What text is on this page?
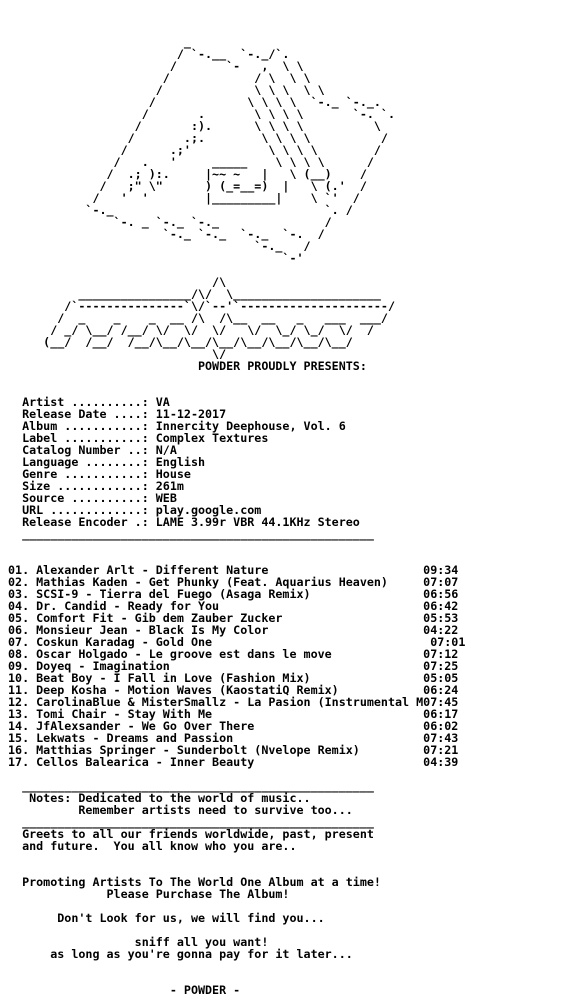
_
/ `-.__  `-._/`.
/       `-   ,  \ \
/            / \  \ \
/             \ \ \  \ \
/             \ \ \ \  `-._ `-._.
/       .       \ \ \ \       `-. `.
/       :).      \ \ \ \          \
/       .;.        \ \ \ \          /
/      .;'           \ \ \ \        /
/   .   '     _____    \ \ \ \      /
/  .; ):.     |~~ ~   |   \ (__)    /
/   ;" \"      ) (_=__=)  |   \ (.'  /
/   '  '        |_________|    \ `'  /
`-._                              `. /
`-. _ `-._ `-._               /
`-._ `-._  `-._  `-.  /
`-._   /
`-'
/\
________________/\/  \_____________________
/`---------------`\/`--'`---------------------/
/  _    _    _  __ /\  /\__  __   _   ___  ___/
/ _/ \__/ /__/ \/  \/  \/   \/  \_/ \_/  \/  /
(__/  /__/  /__/\__/\__/\__/\__/\__/\__/\__/
\/
POWDER PROUDLY PRESENTS:
Artist ..........: VA
Release Date ....: 11-12-2017
Album ...........: Innercity Deephouse, Vol. 6
Label ...........: Complex Textures
Catalog Number ..: N/A
Language ........: English
Genre ...........: House
Size ............: 261m
Source ..........: WEB
URL .............: play.google.com
Release Encoder .: LAME 3.99r VBR 44.1KHz Stereo
__________________________________________________
01. Alexander Arlt - Different Nature                      09:34
02. Mathias Kaden - Get Phunky (Feat. Aquarius Heaven)     07:07
03. SCSI-9 - Tierra del Fuego (Asaga Remix)                06:56
04. Dr. Candid - Ready for You                             06:42
05. Comfort Fit - Gib dem Zauber Zucker                    05:53
06. Monsieur Jean - Black Is My Color                      04:22
07. Coskun Karadag - Gold One                               07:01
08. Oscar Holgado - Le groove est dans le move             07:12
09. Doyeq - Imagination                                    07:25
10. Beat Boy - I Fall in Love (Fashion Mix)                05:05
11. Deep Kosha - Motion Waves (KaostatiQ Remix)            06:24
12. CarolinaBlue & MisterSmallz - La Pasion (Instrumental M07:45
13. Tomi Chair - Stay With Me                              06:17
14. JfAlexsander - We Go Over There                        06:02
15. Lekwats - Dreams and Passion                           07:43
16. Matthias Springer - Sunderbolt (Nvelope Remix)         07:21
17. Cellos Balearica - Inner Beauty                        04:39
__________________________________________________
Notes: Dedicated to the world of music..
Remember artists need to survive too...
__________________________________________________
Greets to all our friends worldwide, past, present
and future.  You all know who you are..
Promoting Artists To The World One Album at a time!
Please Purchase The Album!
Don't Look for us, we will find you...
sniff all you want!
as long as you're gonna pay for it later...
- POWDER -
